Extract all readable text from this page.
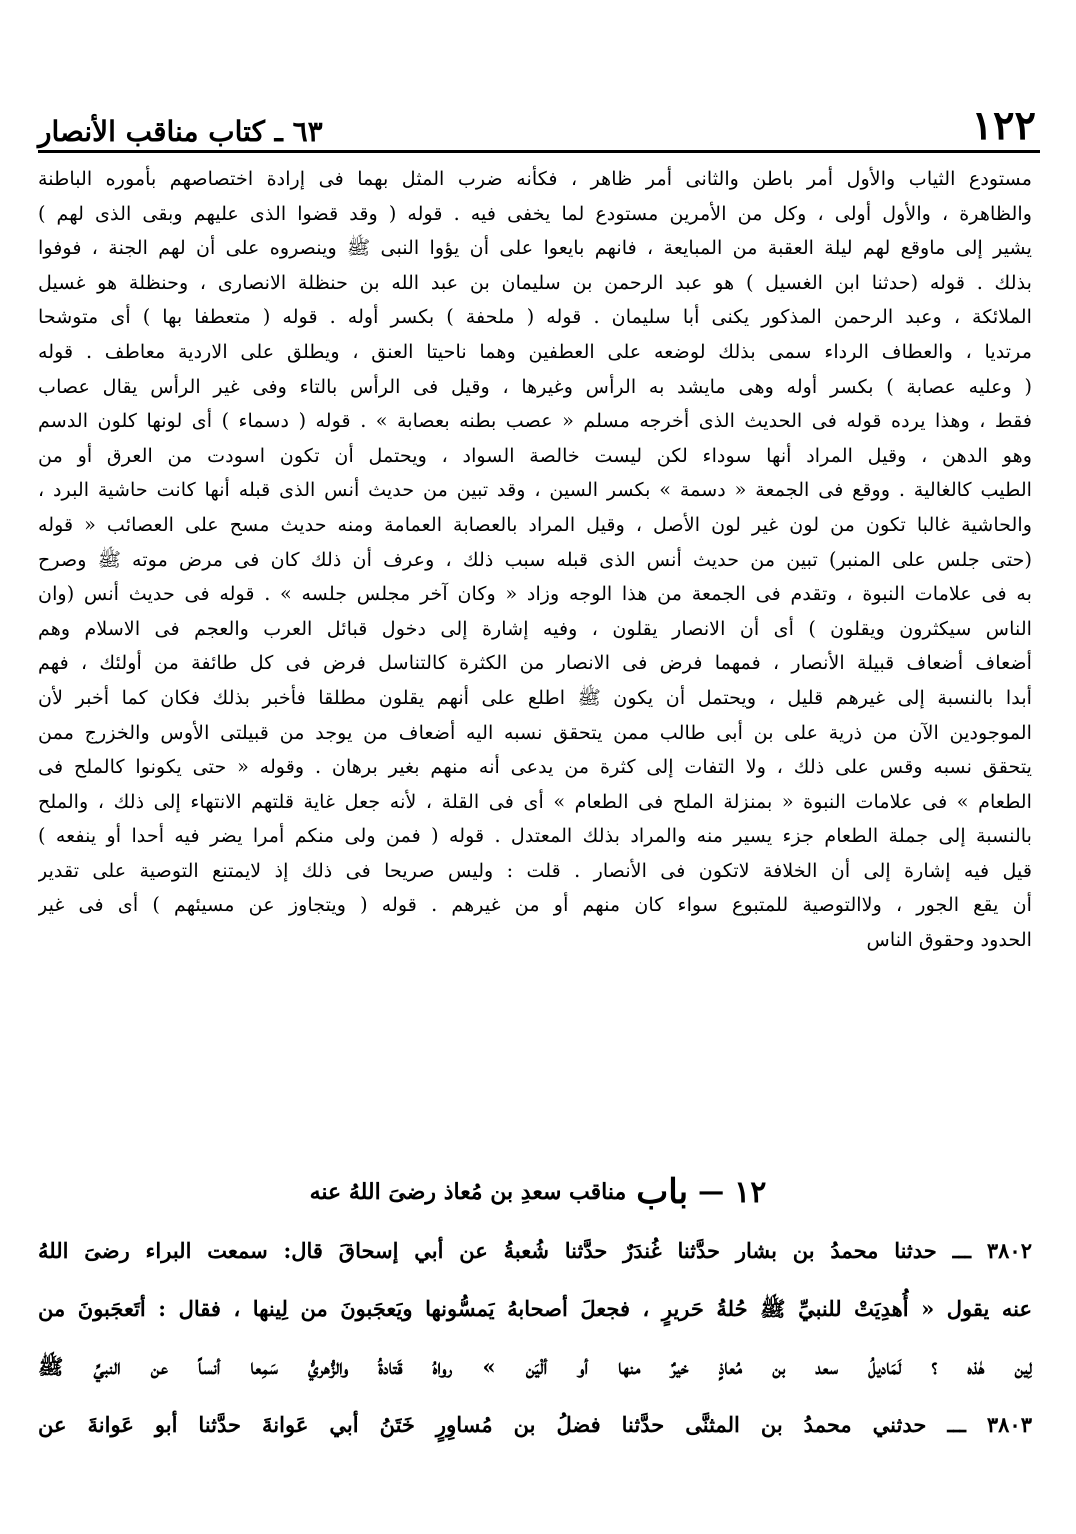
١٢٢
٦٣ ـ كتاب مناقب الأنصار
مستودع الثياب والأول أمر باطن والثانى أمر ظاهر ، فكأنه ضرب المثل بهما فى إرادة اختصاصهم بأموره الباطنة
والظاهرة ، والأول أولى ، وكل من الأمرين مستودع لما يخفى فيه . قوله ( وقد قضوا الذى عليهم وبقى الذى لهم )
يشير إلى ماوقع لهم ليلة العقبة من المبايعة ، فانهم بايعوا على أن يؤوا النبى ﷺ وينصروه على أن لهم الجنة ، فوفوا
بذلك . قوله (حدثنا ابن الغسيل ) هو عبد الرحمن بن سليمان بن عبد الله بن حنظلة الانصارى ، وحنظلة هو غسيل
الملائكة ، وعبد الرحمن المذكور يكنى أبا سليمان . قوله ( ملحفة ) بكسر أوله . قوله ( متعطفا بها ) أى متوشحا
مرتديا ، والعطاف الرداء سمى بذلك لوضعه على العطفين وهما ناحيتا العنق ، ويطلق على الاردية معاطف . قوله
( وعليه عصابة ) بكسر أوله وهى مايشد به الرأس وغيرها ، وقيل فى الرأس بالتاء وفى غير الرأس يقال عصاب
فقط ، وهذا يرده قوله فى الحديث الذى أخرجه مسلم « عصب بطنه بعصابة » . قوله ( دسماء ) أى لونها كلون الدسم
وهو الدهن ، وقيل المراد أنها سوداء لكن ليست خالصة السواد ، ويحتمل أن تكون اسودت من العرق أو من
الطيب كالغالية . ووقع فى الجمعة « دسمة » بكسر السين ، وقد تبين من حديث أنس الذى قبله أنها كانت حاشية البرد ،
والحاشية غالبا تكون من لون غير لون الأصل ، وقيل المراد بالعصابة العمامة ومنه حديث مسح على العصائب « قوله
(حتى جلس على المنبر) تبين من حديث أنس الذى قبله سبب ذلك ، وعرف أن ذلك كان فى مرض موته ﷺ وصرح
به فى علامات النبوة ، وتقدم فى الجمعة من هذا الوجه وزاد « وكان آخر مجلس جلسه » . قوله فى حديث أنس (وان
الناس سيكثرون ويقلون ) أى أن الانصار يقلون ، وفيه إشارة إلى دخول قبائل العرب والعجم فى الاسلام وهم
أضعاف أضعاف قبيلة الأنصار ، فمهما فرض فى الانصار من الكثرة كالتناسل فرض فى كل طائفة من أولئك ، فهم
أبدا بالنسبة إلى غيرهم قليل ، ويحتمل أن يكون ﷺ اطلع على أنهم يقلون مطلقا فأخبر بذلك فكان كما أخبر لأن
الموجودين الآن من ذرية على بن أبى طالب ممن يتحقق نسبه اليه أضعاف من يوجد من قبيلتى الأوس والخزرج ممن
يتحقق نسبه وقس على ذلك ، ولا التفات إلى كثرة من يدعى أنه منهم بغير برهان . وقوله « حتى يكونوا كالملح فى
الطعام » فى علامات النبوة « بمنزلة الملح فى الطعام » أى فى القلة ، لأنه جعل غاية قلتهم الانتهاء إلى ذلك ، والملح
بالنسبة إلى جملة الطعام جزء يسير منه والمراد بذلك المعتدل . قوله ( فمن ولى منكم أمرا يضر فيه أحدا أو ينفعه )
قيل فيه إشارة إلى أن الخلافة لاتكون فى الأنصار . قلت : وليس صريحا فى ذلك إذ لايمتنع التوصية على تقدير
أن يقع الجور ، ولاالتوصية للمتبوع سواء كان منهم أو من غيرهم . قوله ( ويتجاوز عن مسيئهم ) أى فى غير
الحدود وحقوق الناس
١٢
—
باب
مناقب سعدِ بن مُعاذ رضىَ اللهُ عنه
٣٨٠٢ ـــ حدثنا محمدُ بن بشار حدَّثنا غُندَرٌ حدَّثنا شُعبةُ عن أبي إسحاقَ قال: سمعت البراء رضىَ اللهُ
عنه يقول « أُهدِيَتْ للنبيِّ ﷺ حُلةُ حَريرٍ ، فجعلَ أصحابهُ يَمسُّونها ويَعجَبونَ من لِينها ، فقال : أتَعجَبونَ من
لِين هٰذه ؟ لَمَاديلُ سعد بن مُعاذٍ خيرٌ منها أو ألْيَن » رواهُ قَتادةُ والزُّهريُّ سَمِعا أنساً عن النبيِّ ﷺ
٣٨٠٣ ـــ حدثني محمدُ بن المثنَّى حدَّثنا فضلُ بن مُساوِرٍ خَتَنُ أبي عَوانةَ حدَّثنا أبو عَوانةَ عن
